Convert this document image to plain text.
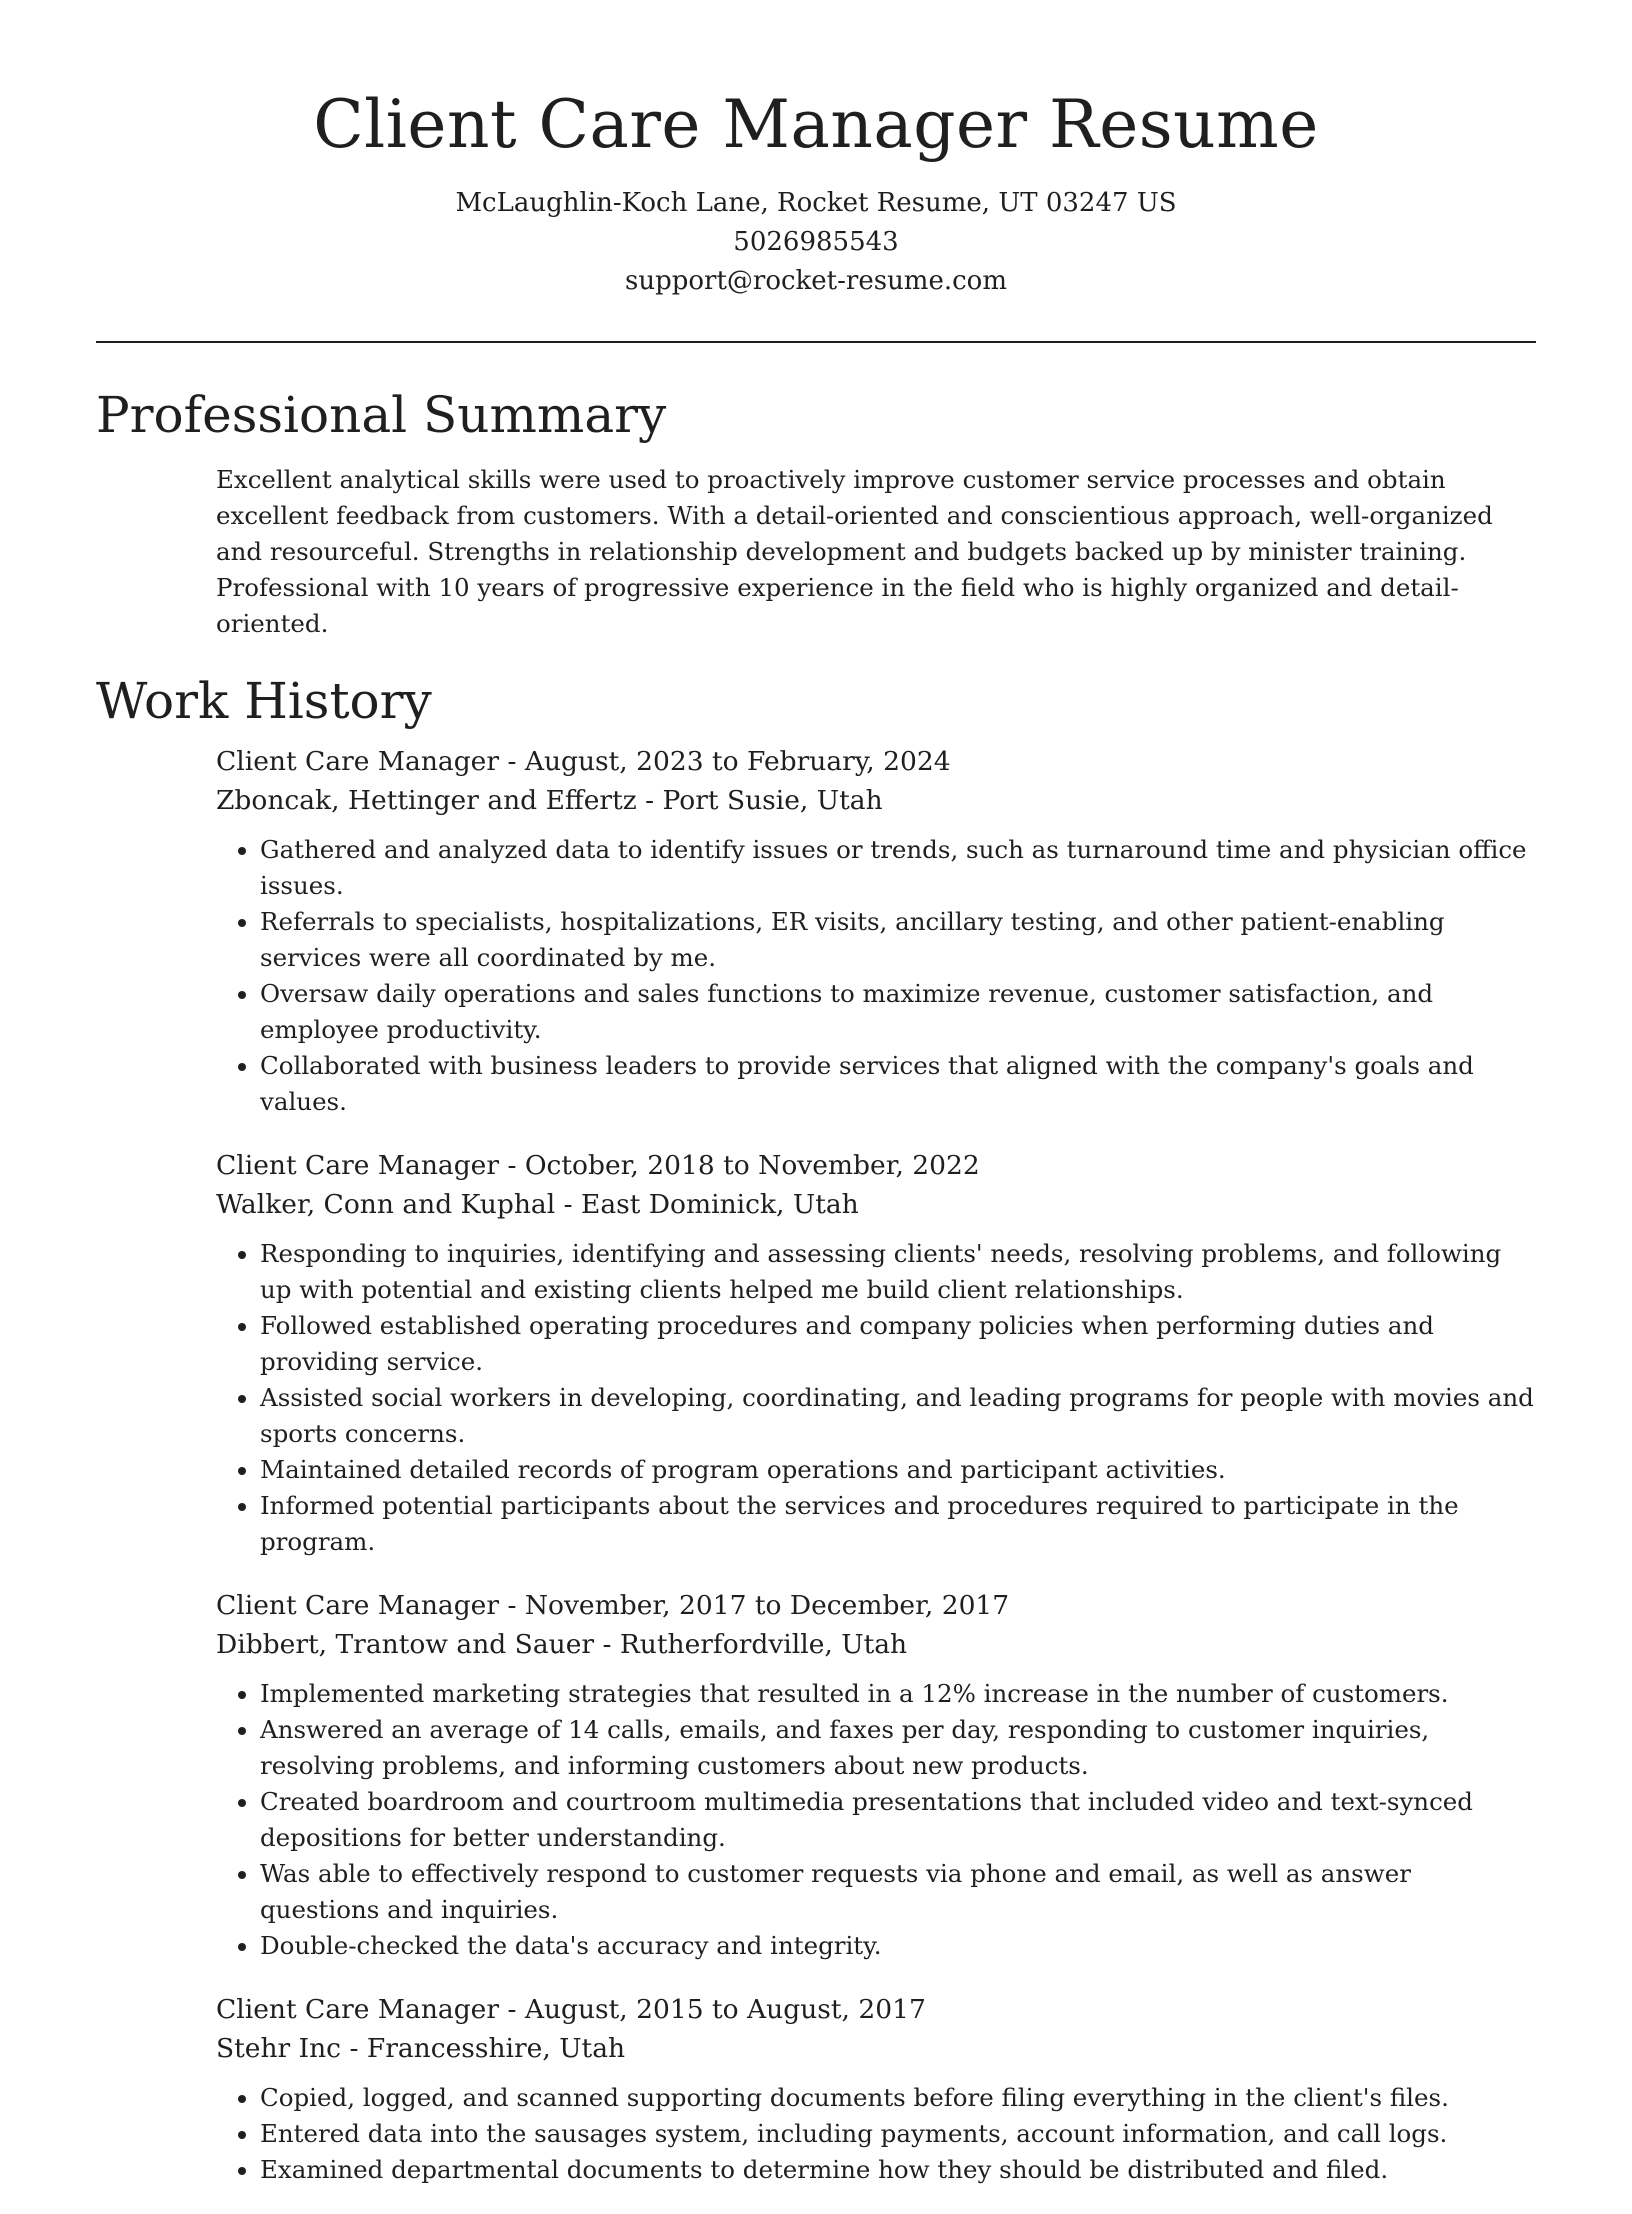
Client Care Manager Resume
McLaughlin-Koch Lane, Rocket Resume, UT 03247 US
5026985543
support@rocket-resume.com
Professional Summary

Excellent analytical skills were used to proactively improve customer service processes and obtain excellent feedback from customers. With a detail-oriented and conscientious approach, well-organized and resourceful. Strengths in relationship development and budgets backed up by minister training. Professional with 10 years of progressive experience in the field who is highly organized and detail-oriented.

Work History
Client Care Manager - August, 2023 to February, 2024
Zboncak, Hettinger and Effertz - Port Susie, Utah
• Gathered and analyzed data to identify issues or trends, such as turnaround time and physician office issues.
• Referrals to specialists, hospitalizations, ER visits, ancillary testing, and other patient-enabling services were all coordinated by me.
• Oversaw daily operations and sales functions to maximize revenue, customer satisfaction, and employee productivity.
• Collaborated with business leaders to provide services that aligned with the company's goals and values.
Client Care Manager - October, 2018 to November, 2022
Walker, Conn and Kuphal - East Dominick, Utah
• Responding to inquiries, identifying and assessing clients' needs, resolving problems, and following up with potential and existing clients helped me build client relationships.
• Followed established operating procedures and company policies when performing duties and providing service.
• Assisted social workers in developing, coordinating, and leading programs for people with movies and sports concerns.
• Maintained detailed records of program operations and participant activities.
• Informed potential participants about the services and procedures required to participate in the program.
Client Care Manager - November, 2017 to December, 2017
Dibbert, Trantow and Sauer - Rutherfordville, Utah
• Implemented marketing strategies that resulted in a 12% increase in the number of customers.
• Answered an average of 14 calls, emails, and faxes per day, responding to customer inquiries, resolving problems, and informing customers about new products.
• Created boardroom and courtroom multimedia presentations that included video and text-synced depositions for better understanding.
• Was able to effectively respond to customer requests via phone and email, as well as answer questions and inquiries.
• Double-checked the data's accuracy and integrity.
Client Care Manager - August, 2015 to August, 2017
Stehr Inc - Francesshire, Utah
• Copied, logged, and scanned supporting documents before filing everything in the client's files.
• Entered data into the sausages system, including payments, account information, and call logs.
• Examined departmental documents to determine how they should be distributed and filed.
